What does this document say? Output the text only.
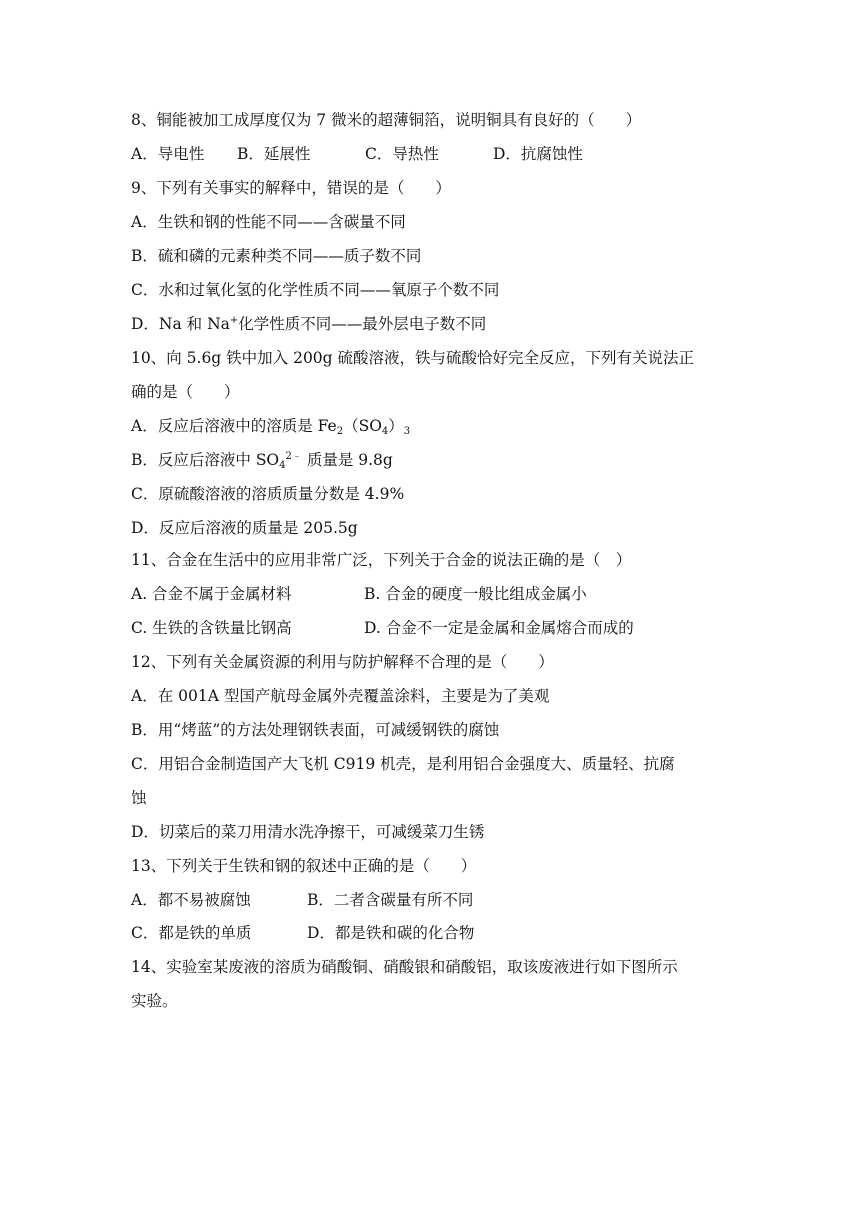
8、铜能被加工成厚度仅为 7 微米的超薄铜箔，说明铜具有良好的（　　）
A．导电性 B．延展性	C．导热性	D．抗腐蚀性
9、下列有关事实的解释中，错误的是（　　）
A．生铁和钢的性能不同——含碳量不同
B．硫和磷的元素种类不同——质子数不同
C．水和过氧化氢的化学性质不同——氧原子个数不同
D．Na 和 Na+化学性质不同——最外层电子数不同
10、向 5.6g 铁中加入 200g 硫酸溶液，铁与硫酸恰好完全反应，下列有关说法正
确的是（　　）
A．反应后溶液中的溶质是 $Fe_2(SO_4)_3$
B．反应后溶液中 $SO_4^{2﹣}$ 质量是 9.8g
C．原硫酸溶液的溶质质量分数是 4.9%
D．反应后溶液的质量是 205.5g
11、合金在生活中的应用非常广泛，下列关于合金的说法正确的是（　）
A. 合金不属于金属材料	B. 合金的硬度一般比组成金属小
C. 生铁的含铁量比钢高	D. 合金不一定是金属和金属熔合而成的
12、下列有关金属资源的利用与防护解释不合理的是（　　）
A．在 001A 型国产航母金属外壳覆盖涂料，主要是为了美观
B．用“烤蓝”的方法处理钢铁表面，可减缓钢铁的腐蚀
C．用铝合金制造国产大飞机 C919 机壳，是利用铝合金强度大、质量轻、抗腐
蚀
D．切菜后的菜刀用清水洗净擦干，可减缓菜刀生锈
13、下列关于生铁和钢的叙述中正确的是（　　）
A．都不易被腐蚀	B．二者含碳量有所不同
C．都是铁的单质	D．都是铁和碳的化合物
14、实验室某废液的溶质为硝酸铜、硝酸银和硝酸铝，取该废液进行如下图所示
实验。
